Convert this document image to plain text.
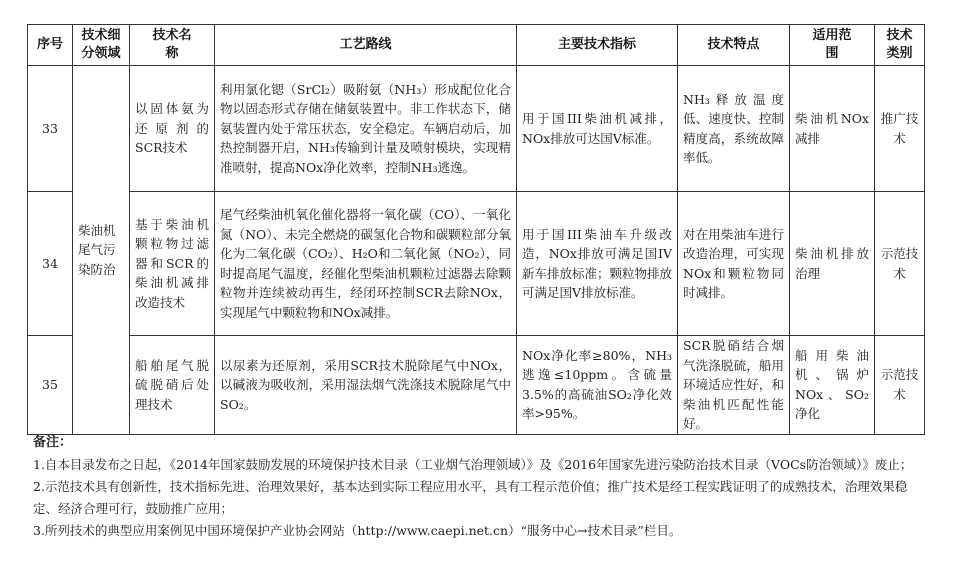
序号	技术细分领域	技术名称	工艺路线	主要技术指标	技术特点	适用范围	技术类别
33	柴油机尾气污染防治	以固体氨为还原剂的SCR技术	利用氯化锶（SrCl₂）吸附氨（NH₃）形成配位化合物以固态形式存储在储氨装置中。非工作状态下，储氨装置内处于常压状态，安全稳定。车辆启动后，加热控制器开启，NH₃传输到计量及喷射模块，实现精准喷射，提高NOx净化效率，控制NH₃逃逸。	用于国III柴油机减排，NOx排放可达国V标准。	NH₃释放温度低、速度快、控制精度高，系统故障率低。	柴油机NOx减排	推广技术
34		基于柴油机颗粒物过滤器和SCR的柴油机减排改造技术	尾气经柴油机氧化催化器将一氧化碳（CO）、一氧化氮（NO）、未完全燃烧的碳氢化合物和碳颗粒部分氧化为二氧化碳（CO₂）、H₂O和二氧化氮（NO₂），同时提高尾气温度，经催化型柴油机颗粒过滤器去除颗粒物并连续被动再生，经闭环控制SCR去除NOx，实现尾气中颗粒物和NOx减排。	用于国III柴油车升级改造，NOx排放可满足国IV新车排放标准；颗粒物排放可满足国V排放标准。	对在用柴油车进行改造治理，可实现NOx和颗粒物同时减排。	柴油机排放治理	示范技术
35		船舶尾气脱硫脱硝后处理技术	以尿素为还原剂，采用SCR技术脱除尾气中NOx，以碱液为吸收剂，采用湿法烟气洗涤技术脱除尾气中SO₂。	NOx净化率≥80%，NH₃逃逸≤10ppm。含硫量3.5%的高硫油SO₂净化效率>95%。	SCR脱硝结合烟气洗涤脱硫，船用环境适应性好，和柴油机匹配性能好。	船用柴油机、锅炉NOx、SO₂净化	示范技术

备注：

1.自本目录发布之日起，《2014年国家鼓励发展的环境保护技术目录（工业烟气治理领域）》及《2016年国家先进污染防治技术目录（VOCs防治领域）》废止；

2.示范技术具有创新性，技术指标先进、治理效果好，基本达到实际工程应用水平，具有工程示范价值；推广技术是经工程实践证明了的成熟技术，治理效果稳定、经济合理可行，鼓励推广应用；

3.所列技术的典型应用案例见中国环境保护产业协会网站（http://www.caepi.net.cn）“服务中心→技术目录”栏目。
